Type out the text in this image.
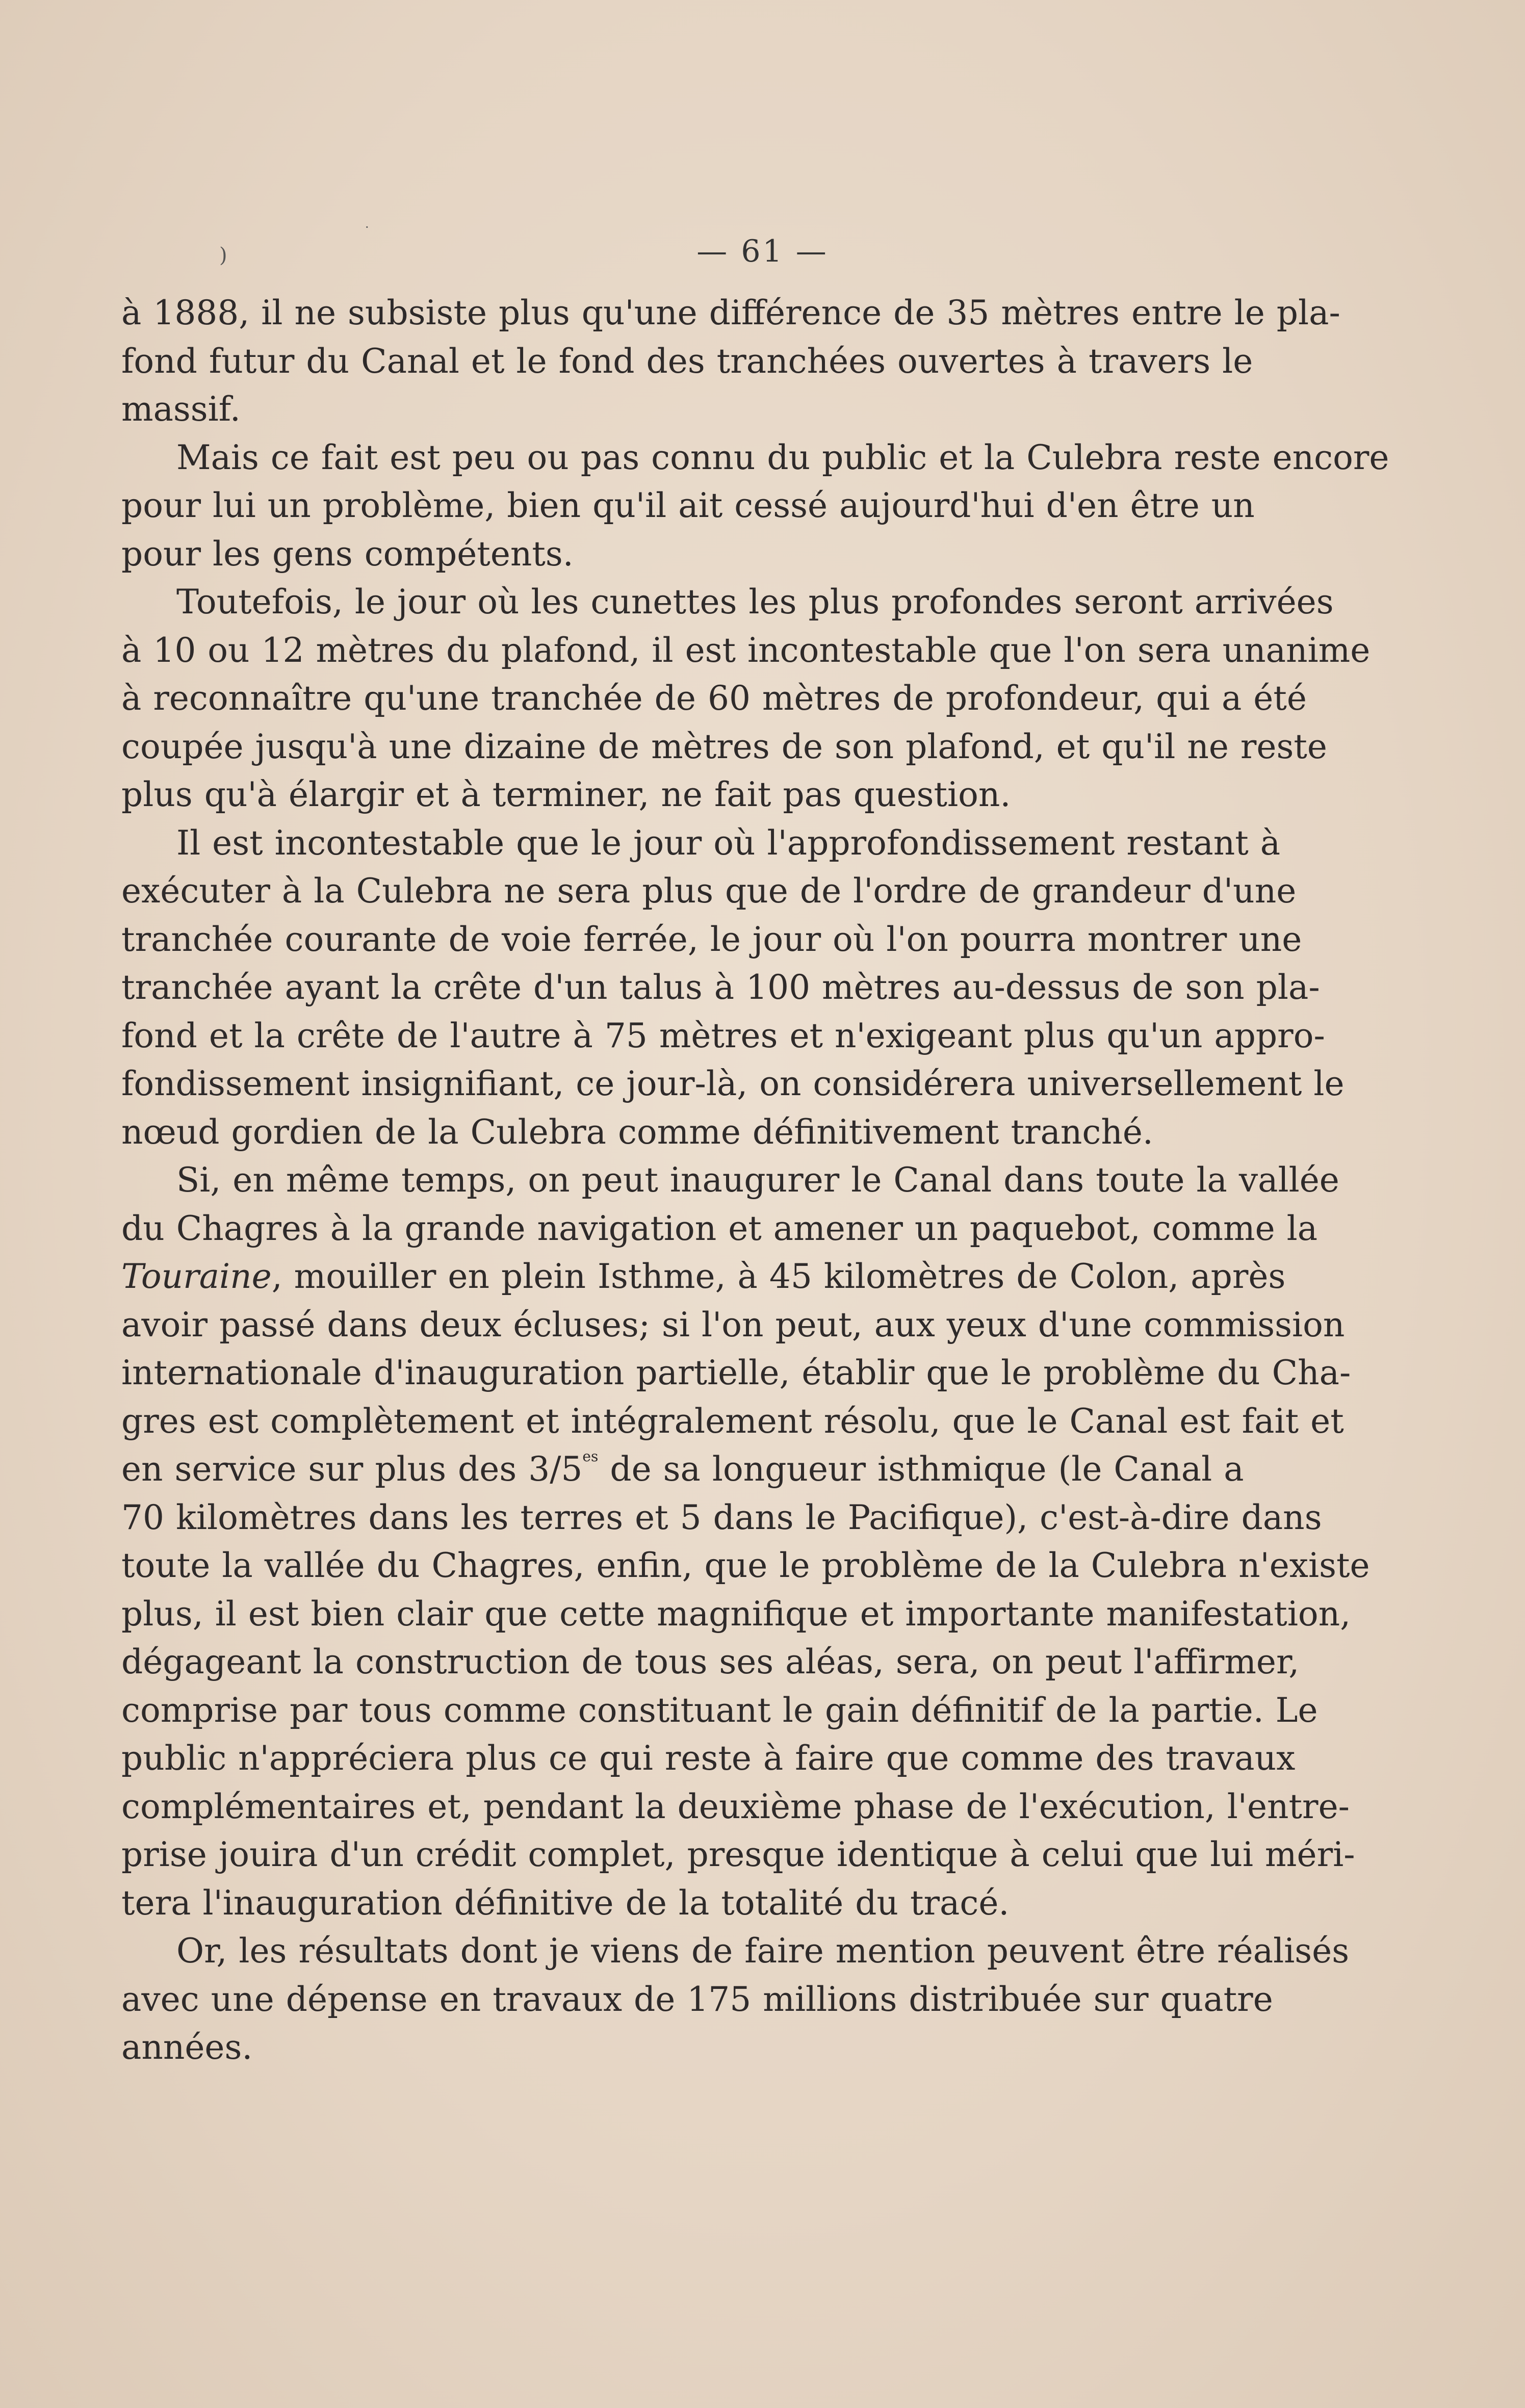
)
·
— 61 —

à 1888, il ne subsiste plus qu'une différence de 35 mètres entre le pla-

fond futur du Canal et le fond des tranchées ouvertes à travers le

massif.

Mais ce fait est peu ou pas connu du public et la Culebra reste encore

pour lui un problème, bien qu'il ait cessé aujourd'hui d'en être un

pour les gens compétents.

Toutefois, le jour où les cunettes les plus profondes seront arrivées

à 10 ou 12 mètres du plafond, il est incontestable que l'on sera unanime

à reconnaître qu'une tranchée de 60 mètres de profondeur, qui a été

coupée jusqu'à une dizaine de mètres de son plafond, et qu'il ne reste

plus qu'à élargir et à terminer, ne fait pas question.

Il est incontestable que le jour où l'approfondissement restant à

exécuter à la Culebra ne sera plus que de l'ordre de grandeur d'une

tranchée courante de voie ferrée, le jour où l'on pourra montrer une

tranchée ayant la crête d'un talus à 100 mètres au-dessus de son pla-

fond et la crête de l'autre à 75 mètres et n'exigeant plus qu'un appro-

fondissement insignifiant, ce jour-là, on considérera universellement le

nœud gordien de la Culebra comme définitivement tranché.

Si, en même temps, on peut inaugurer le Canal dans toute la vallée

du Chagres à la grande navigation et amener un paquebot, comme la

Touraine, mouiller en plein Isthme, à 45 kilomètres de Colon, après

avoir passé dans deux écluses; si l'on peut, aux yeux d'une commission

internationale d'inauguration partielle, établir que le problème du Cha-

gres est complètement et intégralement résolu, que le Canal est fait et

en service sur plus des $3/5^{es}$ de sa longueur isthmique (le Canal a

70 kilomètres dans les terres et 5 dans le Pacifique), c'est-à-dire dans

toute la vallée du Chagres, enfin, que le problème de la Culebra n'existe

plus, il est bien clair que cette magnifique et importante manifestation,

dégageant la construction de tous ses aléas, sera, on peut l'affirmer,

comprise par tous comme constituant le gain définitif de la partie. Le

public n'appréciera plus ce qui reste à faire que comme des travaux

complémentaires et, pendant la deuxième phase de l'exécution, l'entre-

prise jouira d'un crédit complet, presque identique à celui que lui méri-

tera l'inauguration définitive de la totalité du tracé.

Or, les résultats dont je viens de faire mention peuvent être réalisés

avec une dépense en travaux de 175 millions distribuée sur quatre

années.
